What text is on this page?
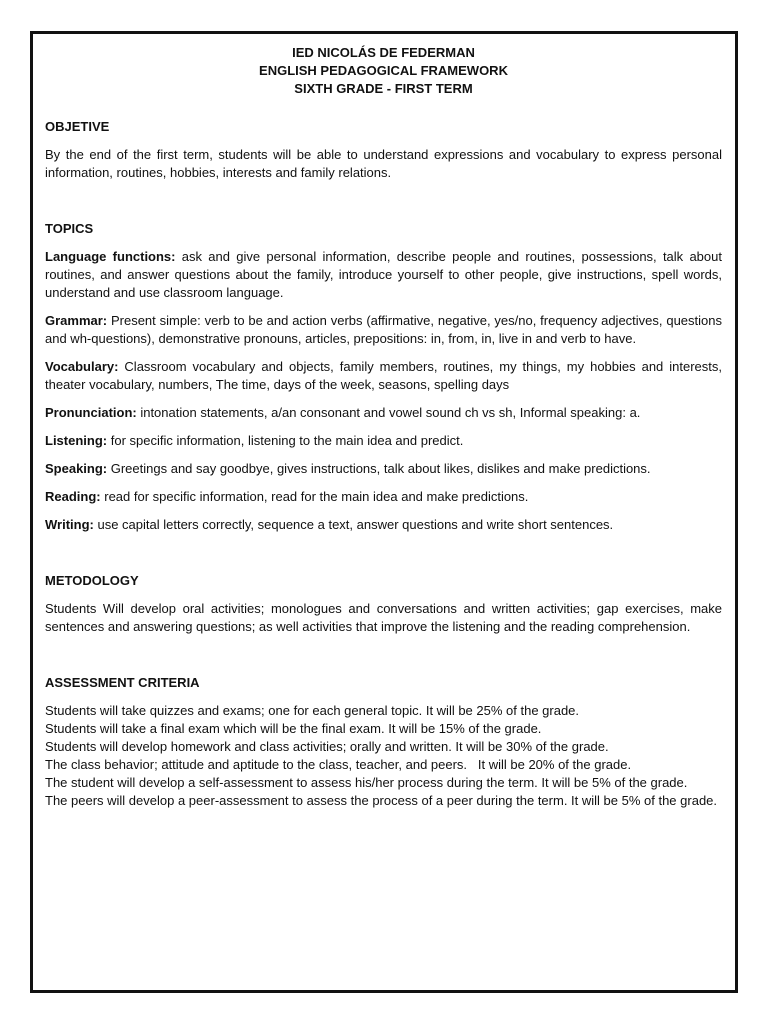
IED NICOLÁS DE FEDERMAN
ENGLISH PEDAGOGICAL FRAMEWORK
SIXTH GRADE - FIRST TERM

OBJETIVE

By the end of the first term, students will be able to understand expressions and vocabulary to express personal information, routines, hobbies, interests and family relations.

TOPICS

Language functions: ask and give personal information, describe people and routines, possessions, talk about routines, and answer questions about the family, introduce yourself to other people, give instructions, spell words, understand and use classroom language.

Grammar: Present simple: verb to be and action verbs (affirmative, negative, yes/no, frequency adjectives, questions and wh-questions), demonstrative pronouns, articles, prepositions: in, from, in, live in and verb to have.

Vocabulary: Classroom vocabulary and objects, family members, routines, my things, my hobbies and interests, theater vocabulary, numbers, The time, days of the week, seasons, spelling days

Pronunciation: intonation statements, a/an consonant and vowel sound ch vs sh, Informal speaking: a.

Listening: for specific information, listening to the main idea and predict.

Speaking: Greetings and say goodbye, gives instructions, talk about likes, dislikes and make predictions.

Reading: read for specific information, read for the main idea and make predictions.

Writing: use capital letters correctly, sequence a text, answer questions and write short sentences.

METODOLOGY

Students Will develop oral activities; monologues and conversations and written activities; gap exercises, make sentences and answering questions; as well activities that improve the listening and the reading comprehension.

ASSESSMENT CRITERIA

Students will take quizzes and exams; one for each general topic. It will be 25% of the grade.
Students will take a final exam which will be the final exam. It will be 15% of the grade.
Students will develop homework and class activities; orally and written. It will be 30% of the grade.
The class behavior; attitude and aptitude to the class, teacher, and peers.   It will be 20% of the grade.
The student will develop a self-assessment to assess his/her process during the term. It will be 5% of the grade.
The peers will develop a peer-assessment to assess the process of a peer during the term. It will be 5% of the grade.
